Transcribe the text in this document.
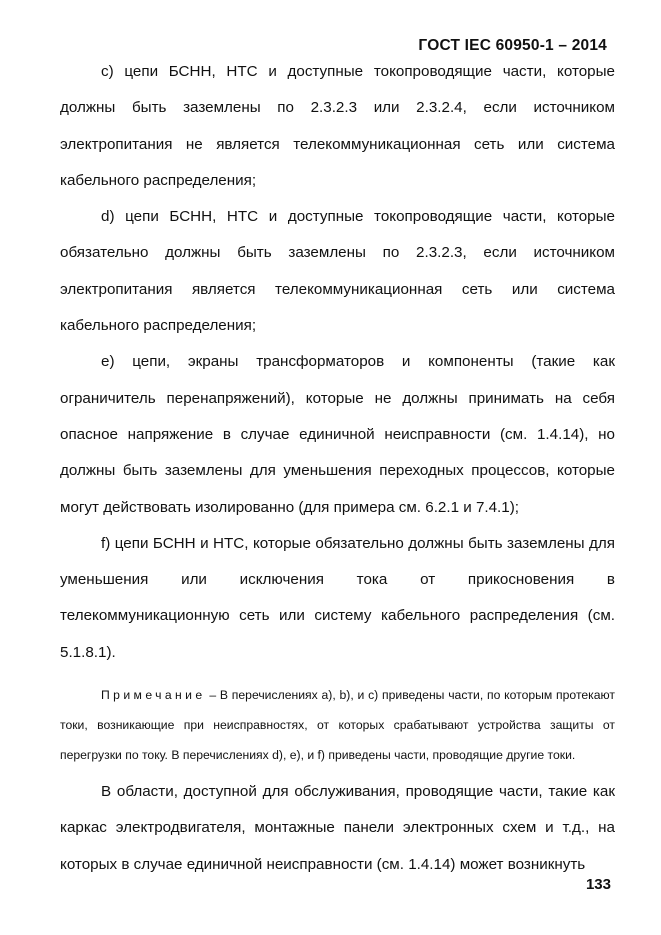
ГОСТ IEC 60950-1 – 2014

c) цепи БСНН, НТС и доступные токопроводящие части, которые должны быть заземлены по 2.3.2.3 или 2.3.2.4, если источником электропитания не является телекоммуникационная сеть или система кабельного распределения;

d) цепи БСНН, НТС и доступные токопроводящие части, которые обязательно должны быть заземлены по 2.3.2.3, если источником электропитания является телекоммуникационная сеть или система кабельного распределения;

e) цепи, экраны трансформаторов и компоненты (такие как ограничитель перенапряжений), которые не должны принимать на себя опасное напряжение в случае единичной неисправности (см. 1.4.14), но должны быть заземлены для уменьшения переходных процессов, которые могут действовать изолированно (для примера см. 6.2.1 и 7.4.1);

f) цепи БСНН и НТС, которые обязательно должны быть заземлены для уменьшения или исключения тока от прикосновения в телекоммуникационную сеть или систему кабельного распределения (см. 5.1.8.1).

Примечание – В перечислениях a), b), и c) приведены части, по которым протекают токи, возникающие при неисправностях, от которых срабатывают устройства защиты от перегрузки по току. В перечислениях d), e), и f) приведены части, проводящие другие токи.

В области, доступной для обслуживания, проводящие части, такие как каркас электродвигателя, монтажные панели электронных схем и т.д., на которых в случае единичной неисправности (см. 1.4.14) может возникнуть

133
